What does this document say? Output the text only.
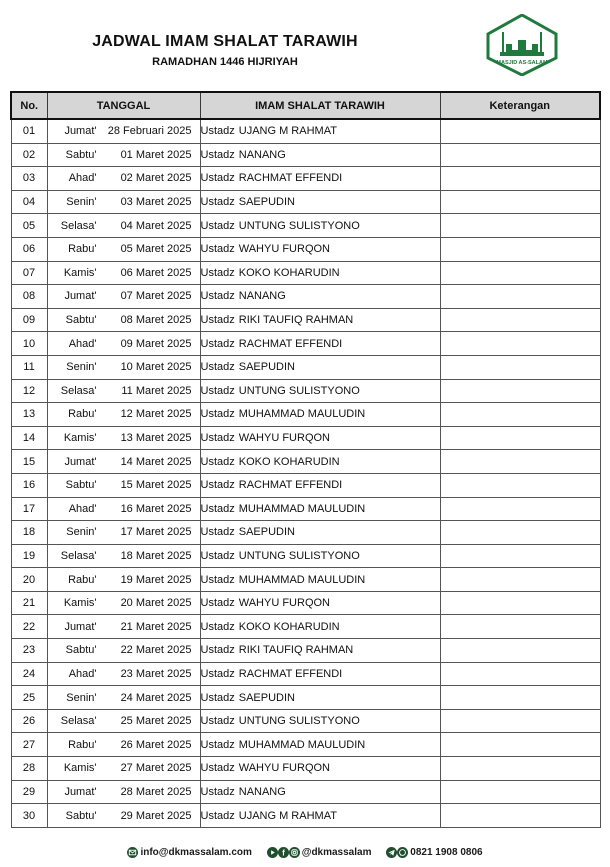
JADWAL IMAM SHALAT TARAWIH
RAMADHAN 1446 HIJRIYAH	MASJID AS-SALAM
No.	TANGGAL	IMAM SHALAT TARAWIH	Keterangan
01	Jumat' 28 Februari 2025	Ustadz UJANG M RAHMAT	
02	Sabtu' 01 Maret 2025	Ustadz NANANG	
03	Ahad' 02 Maret 2025	Ustadz RACHMAT EFFENDI	
04	Senin' 03 Maret 2025	Ustadz SAEPUDIN	
05	Selasa' 04 Maret 2025	Ustadz UNTUNG SULISTYONO	
06	Rabu' 05 Maret 2025	Ustadz WAHYU FURQON	
07	Kamis' 06 Maret 2025	Ustadz KOKO KOHARUDIN	
08	Jumat' 07 Maret 2025	Ustadz NANANG	
09	Sabtu' 08 Maret 2025	Ustadz RIKI TAUFIQ RAHMAN	
10	Ahad' 09 Maret 2025	Ustadz RACHMAT EFFENDI	
11	Senin' 10 Maret 2025	Ustadz SAEPUDIN	
12	Selasa' 11 Maret 2025	Ustadz UNTUNG SULISTYONO	
13	Rabu' 12 Maret 2025	Ustadz MUHAMMAD MAULUDIN	
14	Kamis' 13 Maret 2025	Ustadz WAHYU FURQON	
15	Jumat' 14 Maret 2025	Ustadz KOKO KOHARUDIN	
16	Sabtu' 15 Maret 2025	Ustadz RACHMAT EFFENDI	
17	Ahad' 16 Maret 2025	Ustadz MUHAMMAD MAULUDIN	
18	Senin' 17 Maret 2025	Ustadz SAEPUDIN	
19	Selasa' 18 Maret 2025	Ustadz UNTUNG SULISTYONO	
20	Rabu' 19 Maret 2025	Ustadz MUHAMMAD MAULUDIN	
21	Kamis' 20 Maret 2025	Ustadz WAHYU FURQON	
22	Jumat' 21 Maret 2025	Ustadz KOKO KOHARUDIN	
23	Sabtu' 22 Maret 2025	Ustadz RIKI TAUFIQ RAHMAN	
24	Ahad' 23 Maret 2025	Ustadz RACHMAT EFFENDI	
25	Senin' 24 Maret 2025	Ustadz SAEPUDIN	
26	Selasa' 25 Maret 2025	Ustadz UNTUNG SULISTYONO	
27	Rabu' 26 Maret 2025	Ustadz MUHAMMAD MAULUDIN	
28	Kamis' 27 Maret 2025	Ustadz WAHYU FURQON	
29	Jumat' 28 Maret 2025	Ustadz NANANG	
30	Sabtu' 29 Maret 2025	Ustadz UJANG M RAHMAT	
info@dkmassalam.com
	f @dkmassalam
	0821 1908 0806
